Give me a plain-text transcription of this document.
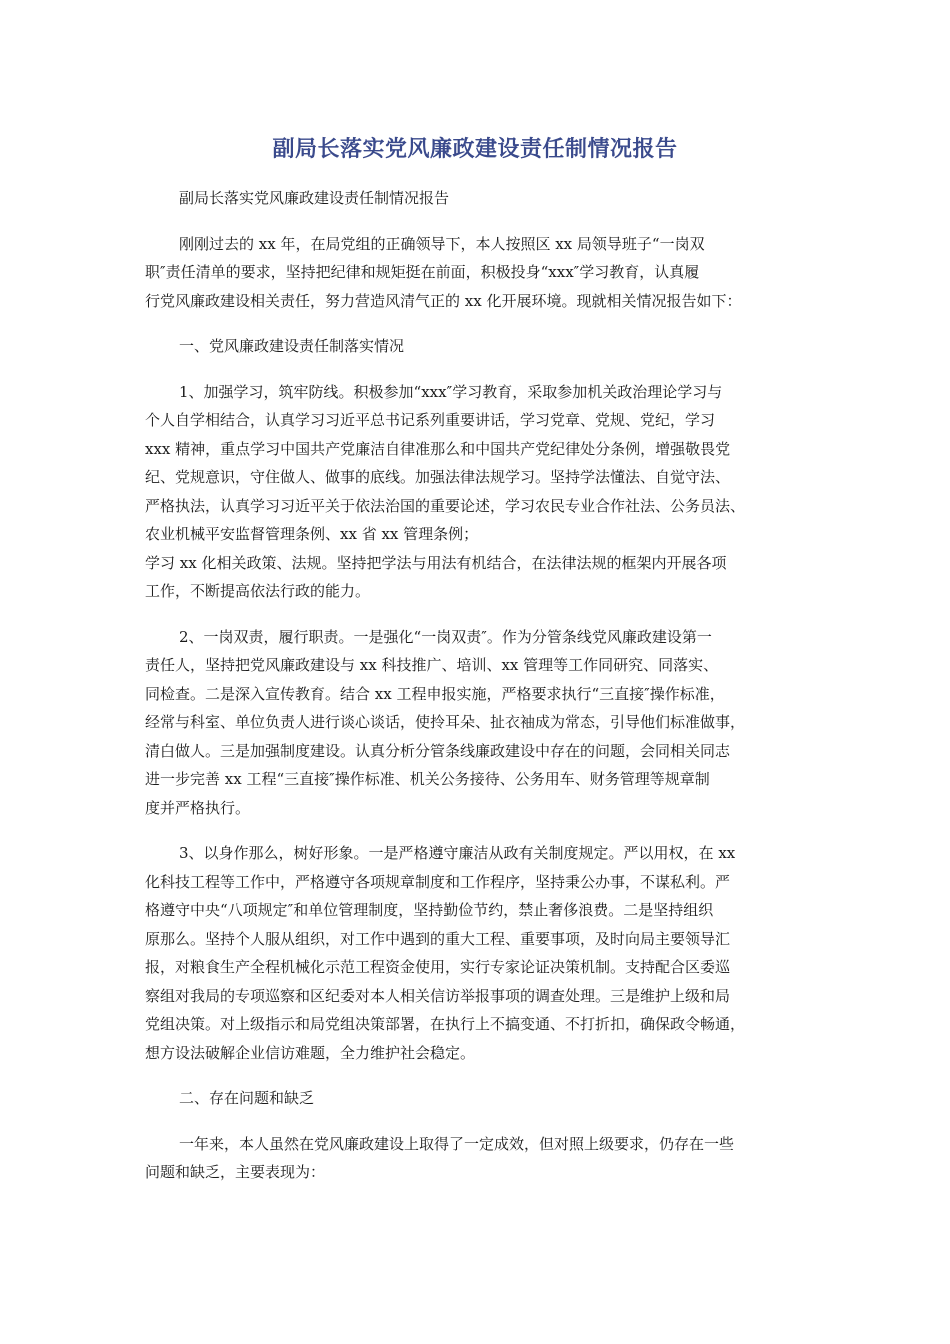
副局长落实党风廉政建设责任制情况报告
副局长落实党风廉政建设责任制情况报告
刚刚过去的 xx 年，在局党组的正确领导下，本人按照区 xx 局领导班子“一岗双
职″责任清单的要求，坚持把纪律和规矩挺在前面，积极投身“xxx″学习教育，认真履
行党风廉政建设相关责任，努力营造风清气正的 xx 化开展环境。现就相关情况报告如下：
一、党风廉政建设责任制落实情况
1、加强学习，筑牢防线。积极参加“xxx″学习教育，采取参加机关政治理论学习与
个人自学相结合，认真学习习近平总书记系列重要讲话，学习党章、党规、党纪，学习
xxx 精神，重点学习中国共产党廉洁自律准那么和中国共产党纪律处分条例，增强敬畏党
纪、党规意识，守住做人、做事的底线。加强法律法规学习。坚持学法懂法、自觉守法、
严格执法，认真学习习近平关于依法治国的重要论述，学习农民专业合作社法、公务员法、
农业机械平安监督管理条例、xx 省 xx 管理条例；
学习 xx 化相关政策、法规。坚持把学法与用法有机结合，在法律法规的框架内开展各项
工作，不断提高依法行政的能力。
2、一岗双责，履行职责。一是强化“一岗双责″。作为分管条线党风廉政建设第一
责任人，坚持把党风廉政建设与 xx 科技推广、培训、xx 管理等工作同研究、同落实、
同检查。二是深入宣传教育。结合 xx 工程申报实施，严格要求执行“三直接″操作标准，
经常与科室、单位负责人进行谈心谈话，使拎耳朵、扯衣袖成为常态，引导他们标准做事，
清白做人。三是加强制度建设。认真分析分管条线廉政建设中存在的问题，会同相关同志
进一步完善 xx 工程“三直接″操作标准、机关公务接待、公务用车、财务管理等规章制
度并严格执行。
3、以身作那么，树好形象。一是严格遵守廉洁从政有关制度规定。严以用权，在 xx
化科技工程等工作中，严格遵守各项规章制度和工作程序，坚持秉公办事，不谋私利。严
格遵守中央“八项规定″和单位管理制度，坚持勤俭节约，禁止奢侈浪费。二是坚持组织
原那么。坚持个人服从组织，对工作中遇到的重大工程、重要事项，及时向局主要领导汇
报，对粮食生产全程机械化示范工程资金使用，实行专家论证决策机制。支持配合区委巡
察组对我局的专项巡察和区纪委对本人相关信访举报事项的调查处理。三是维护上级和局
党组决策。对上级指示和局党组决策部署，在执行上不搞变通、不打折扣，确保政令畅通，
想方设法破解企业信访难题，全力维护社会稳定。
二、存在问题和缺乏
一年来，本人虽然在党风廉政建设上取得了一定成效，但对照上级要求，仍存在一些
问题和缺乏，主要表现为：
